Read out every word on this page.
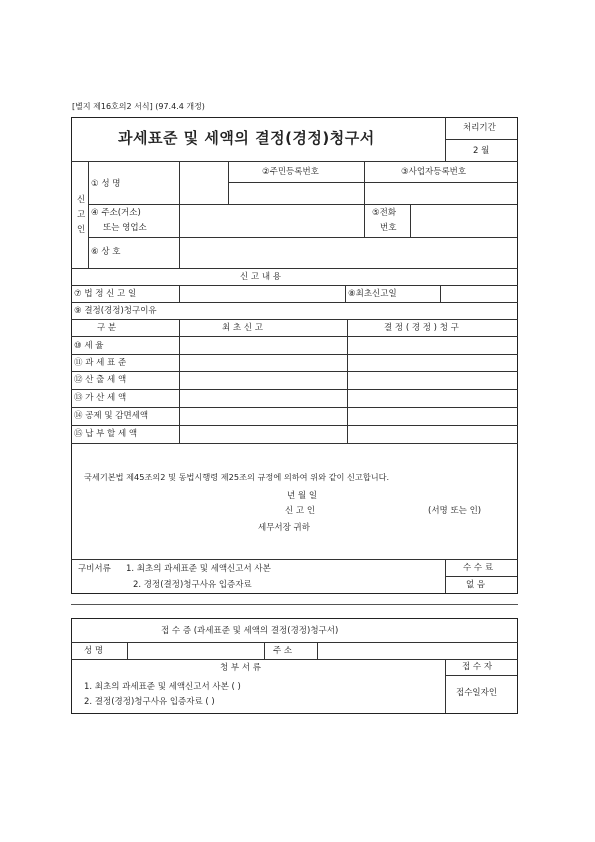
[별지 제16호의2 서식] (97.4.4 개정)
과세표준 및 세액의 결정(경정)청구서
처리기간
2 월
신
고
인
① 성 명
②주민등록번호	③사업자등록번호
④ 주소(거소)
또는 영업소
⑤전화
번호
⑥ 상 호
신 고 내 용
⑦ 법 정 신 고 일	⑧최초신고일
⑨ 결정(경정)청구이유
구 분	최 초 신 고	결 정 ( 경 정 ) 청 구
⑩ 세 율
⑪ 과 세 표 준
⑫ 산 출 세 액
⑬ 가 산 세 액
⑭ 공제 및 감면세액
⑮ 납 부 할 세 액
국세기본법 제45조의2 및 동법시행령 제25조의 규정에 의하여 위와 같이 신고합니다.
년 월 일
신 고 인	(서명 또는 인)
세무서장 귀하
구비서류 1. 최초의 과세표준 및 세액신고서 사본
2. 경정(결정)청구사유 입증자료
수 수 료
없 음
접 수 증 (과세표준 및 세액의 결정(경정)청구서)
성 명	주 소
청 부 서 류
1. 최초의 과세표준 및 세액신고서 사본 ( )
2. 결정(경정)청구사유 입증자료 ( )
접 수 자
접수일자인
